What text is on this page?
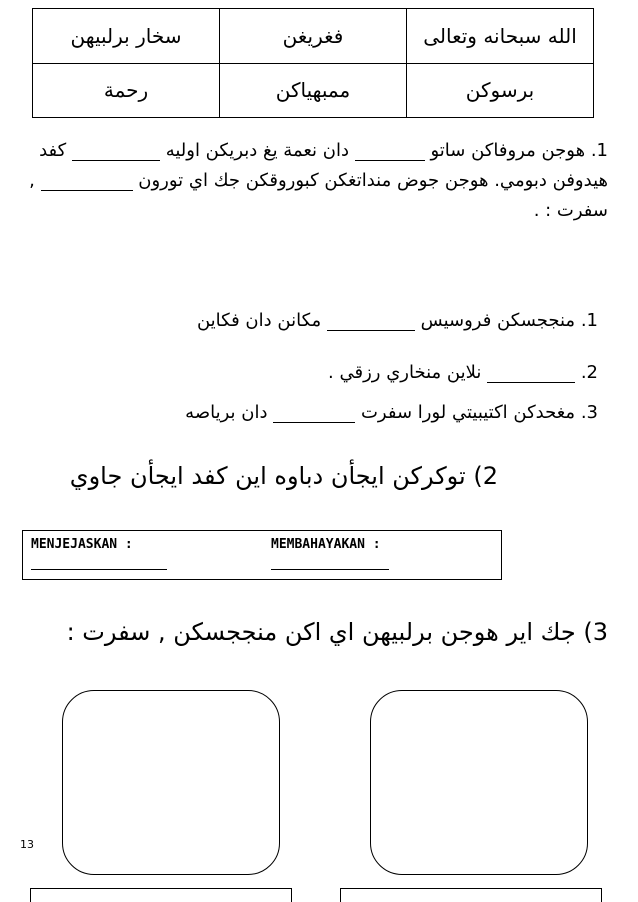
سخار برلبيهن	فغريغن	الله سبحانه وتعالى
رحمة	ممبهياكن	برسوكن
1. هوجن مروفاكن ساتو  دان نعمة يغ دبريكن اوليه  كفد
هيدوفن دبومي. هوجن جوض منداتغكن كبوروقكن جك اي تورون  ,
سفرت : .
1. منججسكن فروسيس  مكانن دان فكاين
2.  نلاين منخاري رزقي .
3. مغحدكن اكتيبيتي لورا سفرت  دان برياصه
2) توكركن ايجأن دباوه اين كفد ايجأن جاوي
MENJEJASKAN :	MEMBAHAYAKAN :
3) جك اير هوجن برلبيهن اي اكن منججسكن , سفرت :
13
